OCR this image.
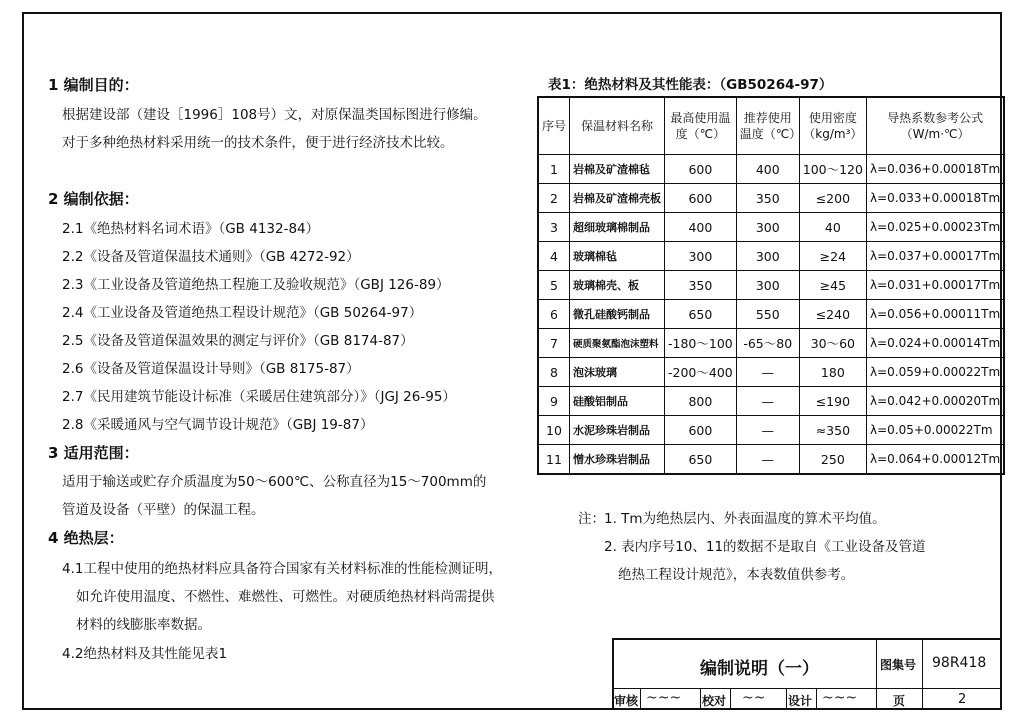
1 编制目的：
根据建设部（建设［1996］108号）文，对原保温类国标图进行修编。
对于多种绝热材料采用统一的技术条件，便于进行经济技术比较。
2 编制依据：
2.1《绝热材料名词术语》（GB 4132-84）
2.2《设备及管道保温技术通则》（GB 4272-92）
2.3《工业设备及管道绝热工程施工及验收规范》（GBJ 126-89）
2.4《工业设备及管道绝热工程设计规范》（GB 50264-97）
2.5《设备及管道保温效果的测定与评价》（GB 8174-87）
2.6《设备及管道保温设计导则》（GB 8175-87）
2.7《民用建筑节能设计标准（采暖居住建筑部分）》（JGJ 26-95）
2.8《采暖通风与空气调节设计规范》（GBJ 19-87）
3 适用范围：
适用于输送或贮存介质温度为50～600℃、公称直径为15～700mm的
管道及设备（平壁）的保温工程。
4 绝热层：
4.1工程中使用的绝热材料应具备符合国家有关材料标准的性能检测证明，
如允许使用温度、不燃性、难燃性、可燃性。对硬质绝热材料尚需提供
材料的线膨胀率数据。
4.2绝热材料及其性能见表1
表1：绝热材料及其性能表：（GB50264-97）
序号	保温材料名称	最高使用温度（℃）	推荐使用温度（℃）	使用密度（kg/m³）	导热系数参考公式（W/m·℃）
1	岩棉及矿渣棉毡	600	400	100～120	λ=0.036+0.00018Tm
2	岩棉及矿渣棉壳板	600	350	≤200	λ=0.033+0.00018Tm
3	超细玻璃棉制品	400	300	40	λ=0.025+0.00023Tm
4	玻璃棉毡	300	300	≥24	λ=0.037+0.00017Tm
5	玻璃棉壳、板	350	300	≥45	λ=0.031+0.00017Tm
6	微孔硅酸钙制品	650	550	≤240	λ=0.056+0.00011Tm
7	硬质聚氨酯泡沫塑料	-180～100	-65～80	30～60	λ=0.024+0.00014Tm
8	泡沫玻璃	-200～400	—	180	λ=0.059+0.00022Tm
9	硅酸铝制品	800	—	≤190	λ=0.042+0.00020Tm
10	水泥珍珠岩制品	600	—	≈350	λ=0.05+0.00022Tm
11	憎水珍珠岩制品	650	—	250	λ=0.064+0.00012Tm
注： 1. Tm为绝热层内、外表面温度的算术平均值。
2. 表内序号10、11的数据不是取自《工业设备及管道
绝热工程设计规范》，本表数值供参考。
编制说明（一）	图集号 98R418
审核 ~~~ 校对 ~~ 设计 ~~~	页	2
